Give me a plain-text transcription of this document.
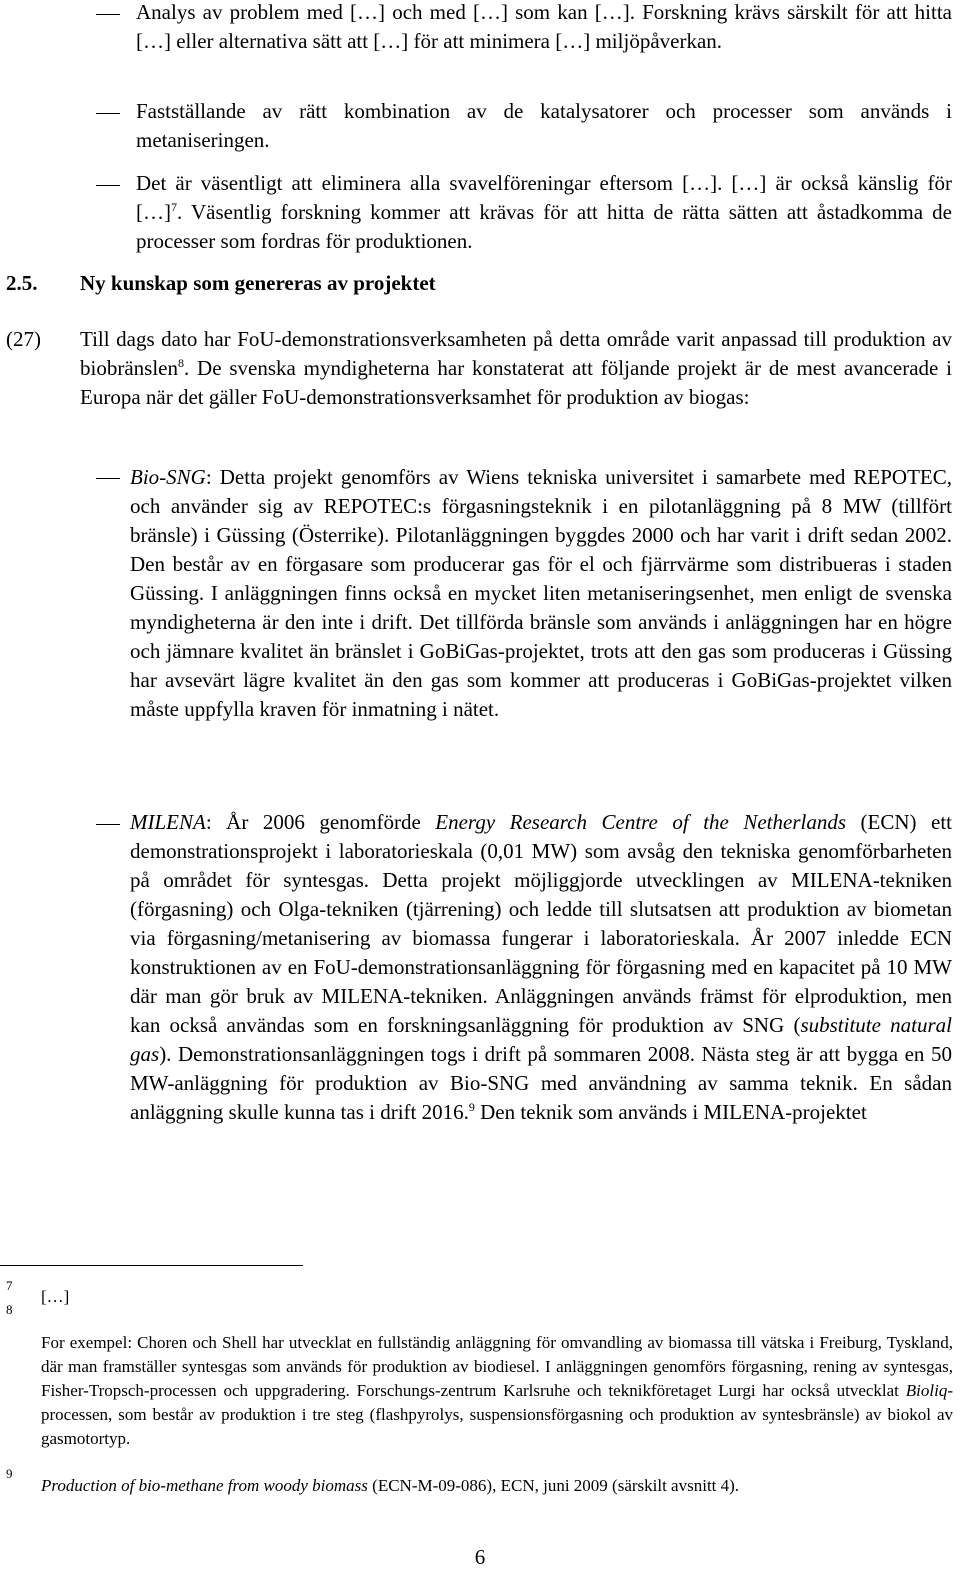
Analys av problem med […] och med […] som kan […]. Forskning krävs särskilt för att hitta […] eller alternativa sätt att […] för att minimera […] miljöpåverkan.
Fastställande av rätt kombination av de katalysatorer och processer som används i metaniseringen.
Det är väsentligt att eliminera alla svavelföreningar eftersom […]. […] är också känslig för […]$^7$. Väsentlig forskning kommer att krävas för att hitta de rätta sätten att åstadkomma de processer som fordras för produktionen.
2.5. Ny kunskap som genereras av projektet
(27) Till dags dato har FoU-demonstrationsverksamheten på detta område varit anpassad till produktion av biobränslen$^8$. De svenska myndigheterna har konstaterat att följande projekt är de mest avancerade i Europa när det gäller FoU-demonstrationsverksamhet för produktion av biogas:
Bio-SNG: Detta projekt genomförs av Wiens tekniska universitet i samarbete med REPOTEC, och använder sig av REPOTEC:s förgasningsteknik i en pilotanläggning på 8 MW (tillfört bränsle) i Güssing (Österrike). Pilotanläggningen byggdes 2000 och har varit i drift sedan 2002. Den består av en förgasare som producerar gas för el och fjärrvärme som distribueras i staden Güssing. I anläggningen finns också en mycket liten metaniseringsenhet, men enligt de svenska myndigheterna är den inte i drift. Det tillförda bränsle som används i anläggningen har en högre och jämnare kvalitet än bränslet i GoBiGas-projektet, trots att den gas som produceras i Güssing har avsevärt lägre kvalitet än den gas som kommer att produceras i GoBiGas-projektet vilken måste uppfylla kraven för inmatning i nätet.
MILENA: År 2006 genomförde Energy Research Centre of the Netherlands (ECN) ett demonstrationsprojekt i laboratorieskala (0,01 MW) som avsåg den tekniska genomförbarheten på området för syntesgas. Detta projekt möjliggjorde utvecklingen av MILENA-tekniken (förgasning) och Olga-tekniken (tjärrening) och ledde till slutsatsen att produktion av biometan via förgasning/metanisering av biomassa fungerar i laboratorieskala. År 2007 inledde ECN konstruktionen av en FoU-demonstrationsanläggning för förgasning med en kapacitet på 10 MW där man gör bruk av MILENA-tekniken. Anläggningen används främst för elproduktion, men kan också användas som en forskningsanläggning för produktion av SNG (substitute natural gas). Demonstrationsanläggningen togs i drift på sommaren 2008. Nästa steg är att bygga en 50 MW-anläggning för produktion av Bio-SNG med användning av samma teknik. En sådan anläggning skulle kunna tas i drift 2016.$^9$ Den teknik som används i MILENA-projektet
7
[…]
8
For exempel: Choren och Shell har utvecklat en fullständig anläggning för omvandling av biomassa till vätska i Freiburg, Tyskland, där man framställer syntesgas som används för produktion av biodiesel. I anläggningen genomförs förgasning, rening av syntesgas, Fisher-Tropsch-processen och uppgradering. Forschungs-zentrum Karlsruhe och teknikföretaget Lurgi har också utvecklat Bioliq-processen, som består av produktion i tre steg (flashpyrolys, suspensionsförgasning och produktion av syntesbränsle) av biokol av gasmotortyp.
9
Production of bio-methane from woody biomass (ECN-M-09-086), ECN, juni 2009 (särskilt avsnitt 4).
6
